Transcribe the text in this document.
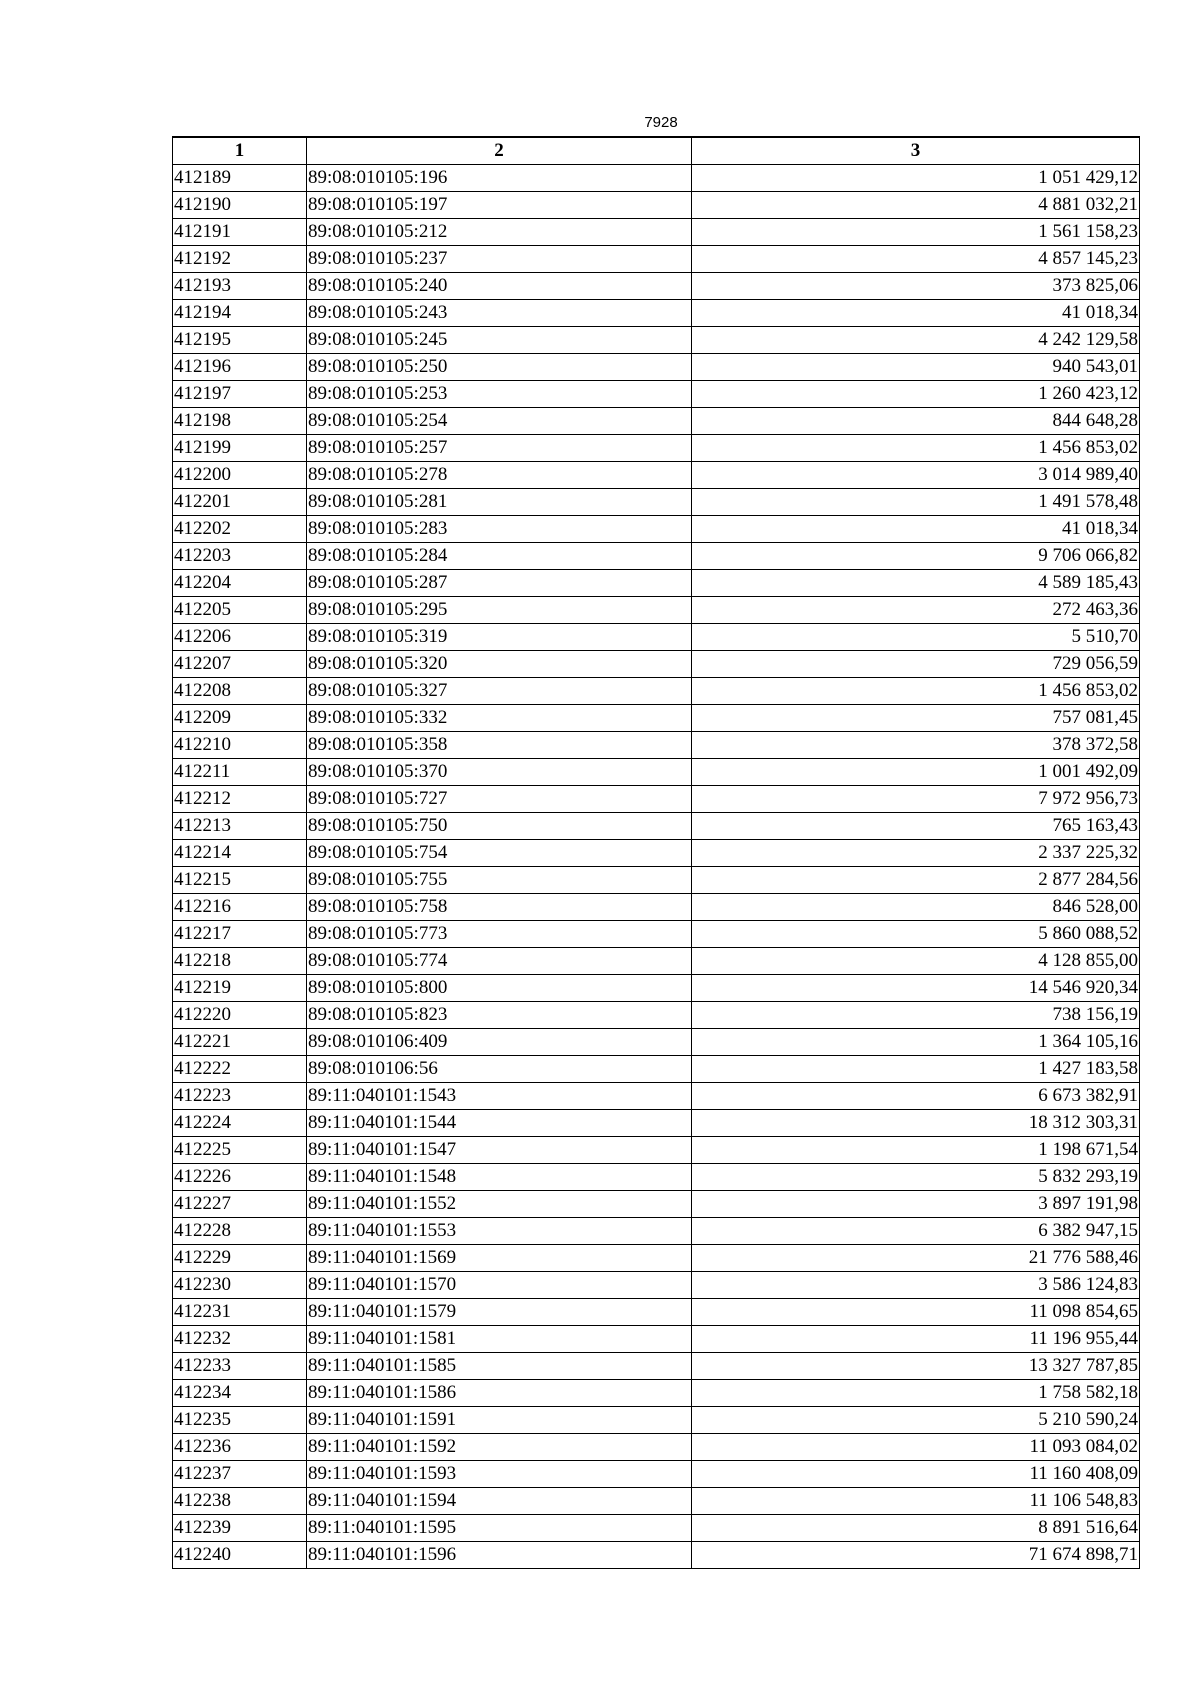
7928
1	2	3
412189	89:08:010105:196	1 051 429,12
412190	89:08:010105:197	4 881 032,21
412191	89:08:010105:212	1 561 158,23
412192	89:08:010105:237	4 857 145,23
412193	89:08:010105:240	373 825,06
412194	89:08:010105:243	41 018,34
412195	89:08:010105:245	4 242 129,58
412196	89:08:010105:250	940 543,01
412197	89:08:010105:253	1 260 423,12
412198	89:08:010105:254	844 648,28
412199	89:08:010105:257	1 456 853,02
412200	89:08:010105:278	3 014 989,40
412201	89:08:010105:281	1 491 578,48
412202	89:08:010105:283	41 018,34
412203	89:08:010105:284	9 706 066,82
412204	89:08:010105:287	4 589 185,43
412205	89:08:010105:295	272 463,36
412206	89:08:010105:319	5 510,70
412207	89:08:010105:320	729 056,59
412208	89:08:010105:327	1 456 853,02
412209	89:08:010105:332	757 081,45
412210	89:08:010105:358	378 372,58
412211	89:08:010105:370	1 001 492,09
412212	89:08:010105:727	7 972 956,73
412213	89:08:010105:750	765 163,43
412214	89:08:010105:754	2 337 225,32
412215	89:08:010105:755	2 877 284,56
412216	89:08:010105:758	846 528,00
412217	89:08:010105:773	5 860 088,52
412218	89:08:010105:774	4 128 855,00
412219	89:08:010105:800	14 546 920,34
412220	89:08:010105:823	738 156,19
412221	89:08:010106:409	1 364 105,16
412222	89:08:010106:56	1 427 183,58
412223	89:11:040101:1543	6 673 382,91
412224	89:11:040101:1544	18 312 303,31
412225	89:11:040101:1547	1 198 671,54
412226	89:11:040101:1548	5 832 293,19
412227	89:11:040101:1552	3 897 191,98
412228	89:11:040101:1553	6 382 947,15
412229	89:11:040101:1569	21 776 588,46
412230	89:11:040101:1570	3 586 124,83
412231	89:11:040101:1579	11 098 854,65
412232	89:11:040101:1581	11 196 955,44
412233	89:11:040101:1585	13 327 787,85
412234	89:11:040101:1586	1 758 582,18
412235	89:11:040101:1591	5 210 590,24
412236	89:11:040101:1592	11 093 084,02
412237	89:11:040101:1593	11 160 408,09
412238	89:11:040101:1594	11 106 548,83
412239	89:11:040101:1595	8 891 516,64
412240	89:11:040101:1596	71 674 898,71
